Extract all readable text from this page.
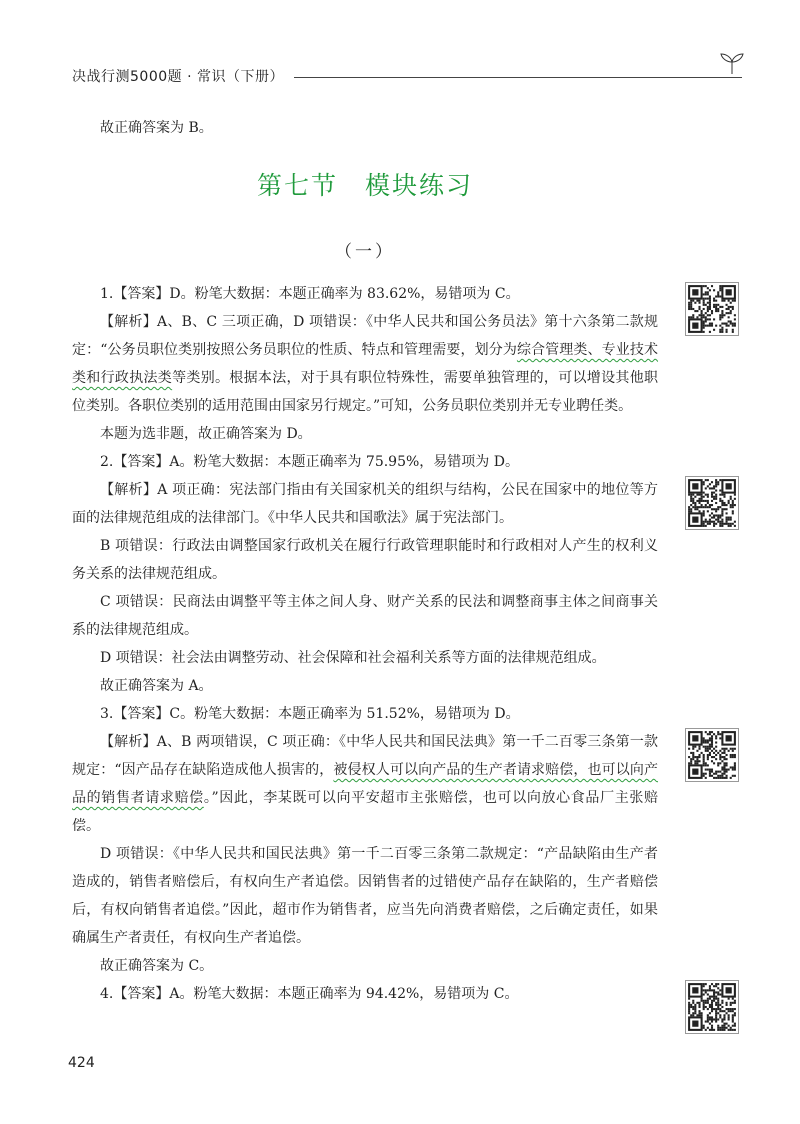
决战行测5000题 · 常识（下册）

故正确答案为 B。

第七节　模块练习
（一）

1.【答案】D。粉笔大数据：本题正确率为 83.62%，易错项为 C。

【解析】A、B、C 三项正确，D 项错误：《中华人民共和国公务员法》第十六条第二款规定：“公务员职位类别按照公务员职位的性质、特点和管理需要，划分为综合管理类、专业技术类和行政执法类等类别。根据本法，对于具有职位特殊性，需要单独管理的，可以增设其他职位类别。各职位类别的适用范围由国家另行规定。”可知，公务员职位类别并无专业聘任类。

本题为选非题，故正确答案为 D。

2.【答案】A。粉笔大数据：本题正确率为 75.95%，易错项为 D。

【解析】A 项正确：宪法部门指由有关国家机关的组织与结构，公民在国家中的地位等方面的法律规范组成的法律部门。《中华人民共和国歌法》属于宪法部门。

B 项错误：行政法由调整国家行政机关在履行行政管理职能时和行政相对人产生的权利义务关系的法律规范组成。

C 项错误：民商法由调整平等主体之间人身、财产关系的民法和调整商事主体之间商事关系的法律规范组成。

D 项错误：社会法由调整劳动、社会保障和社会福利关系等方面的法律规范组成。

故正确答案为 A。

3.【答案】C。粉笔大数据：本题正确率为 51.52%，易错项为 D。

【解析】A、B 两项错误，C 项正确：《中华人民共和国民法典》第一千二百零三条第一款规定：“因产品存在缺陷造成他人损害的，被侵权人可以向产品的生产者请求赔偿，也可以向产品的销售者请求赔偿。”因此，李某既可以向平安超市主张赔偿，也可以向放心食品厂主张赔偿。

D 项错误：《中华人民共和国民法典》第一千二百零三条第二款规定：“产品缺陷由生产者造成的，销售者赔偿后，有权向生产者追偿。因销售者的过错使产品存在缺陷的，生产者赔偿后，有权向销售者追偿。”因此，超市作为销售者，应当先向消费者赔偿，之后确定责任，如果确属生产者责任，有权向生产者追偿。

故正确答案为 C。

4.【答案】A。粉笔大数据：本题正确率为 94.42%，易错项为 C。

424
